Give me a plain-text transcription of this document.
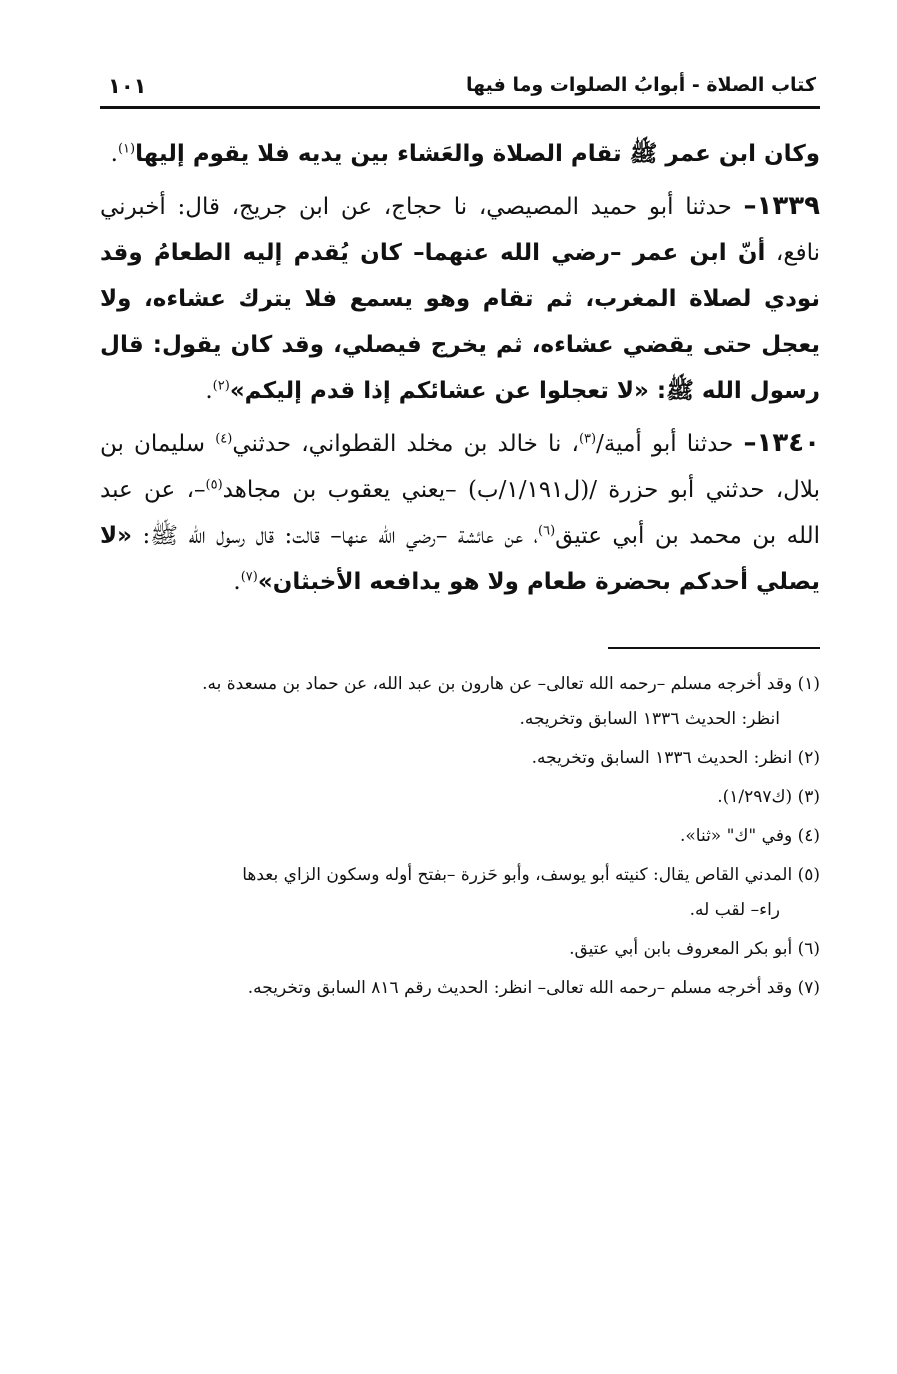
كتاب الصلاة - أبوابُ الصلوات وما فيها
١٠١

وكان ابن عمر ﷺ تقام الصلاة والعَشاء بين يديه فلا يقوم إليها$^{(١)}$.

١٣٣٩– حدثنا أبو حميد المصيصي، نا حجاج، عن ابن جريج، قال: أخبرني نافع، أنّ ابن عمر –رضي الله عنهما– كان يُقدم إليه الطعامُ وقد نودي لصلاة المغرب، ثم تقام وهو يسمع فلا يترك عشاءه، ولا يعجل حتى يقضي عشاءه، ثم يخرج فيصلي، وقد كان يقول: قال رسول الله ﷺ: «لا تعجلوا عن عشائكم إذا قدم إليكم»$^{(٢)}$.

١٣٤٠– حدثنا أبو أمية/$^{(٣)}$، نا خالد بن مخلد القطواني، حدثني$^{(٤)}$ سليمان بن بلال، حدثني أبو حزرة /(ل١/١٩١/ب) –يعني يعقوب بن مجاهد$^{(٥)}$–، عن عبد الله بن محمد بن أبي عتيق$^{(٦)}$، عن عائشة –رضي الله عنها– قالت: قال رسول الله ﷺ: «لا يصلي أحدكم بحضرة طعام ولا هو يدافعه الأخبثان»$^{(٧)}$.

(١) وقد أخرجه مسلم –رحمه الله تعالى– عن هارون بن عبد الله، عن حماد بن مسعدة به.
انظر: الحديث ١٣٣٦ السابق وتخريجه.
(٢) انظر: الحديث ١٣٣٦ السابق وتخريجه.
(٣) (ك١/٢٩٧).
(٤) وفي "ك" «ثنا».
(٥) المدني القاص يقال: كنيته أبو يوسف، وأبو حَزرة –بفتح أوله وسكون الزاي بعدها
راء– لقب له.
(٦) أبو بكر المعروف بابن أبي عتيق.
(٧) وقد أخرجه مسلم –رحمه الله تعالى– انظر: الحديث رقم ٨١٦ السابق وتخريجه.
